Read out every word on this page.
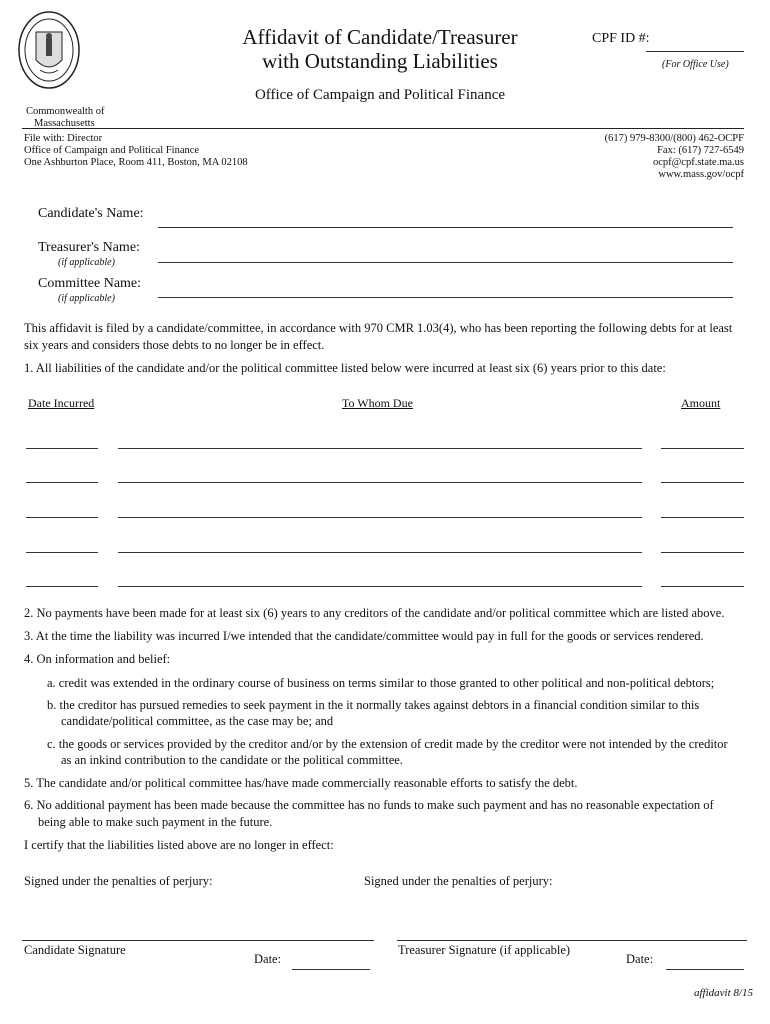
Commonwealth of
Massachusetts
Affidavit of Candidate/Treasurer
with Outstanding Liabilities
Office of Campaign and Political Finance
CPF ID #:
(For Office Use)
File with: Director
Office of Campaign and Political Finance
One Ashburton Place, Room 411, Boston, MA 02108
(617) 979-8300/(800) 462-OCPF
Fax: (617) 727-6549
ocpf@cpf.state.ma.us
www.mass.gov/ocpf
Candidate's Name:
Treasurer's Name:
(if applicable)
Committee Name:
(if applicable)
This affidavit is filed by a candidate/committee, in accordance with 970 CMR 1.03(4), who has been reporting the following debts for at least six years and considers those debts to no longer be in effect.
1. All liabilities of the candidate and/or the political committee listed below were incurred at least six (6) years prior to this date:
Date Incurred	To Whom Due	Amount
2. No payments have been made for at least six (6) years to any creditors of the candidate and/or political committee which are listed above.
3. At the time the liability was incurred I/we intended that the candidate/committee would pay in full for the goods or services rendered.
4. On information and belief:
a. credit was extended in the ordinary course of business on terms similar to those granted to other political and non-political debtors;
b. the creditor has pursued remedies to seek payment in the it normally takes against debtors in a financial condition similar to this
candidate/political committee, as the case may be; and
c. the goods or services provided by the creditor and/or by the extension of credit made by the creditor were not intended by the creditor
as an inkind contribution to the candidate or the political committee.
5. The candidate and/or political committee has/have made commercially reasonable efforts to satisfy the debt.
6. No additional payment has been made because the committee has no funds to make such payment and has no reasonable expectation of
being able to make such payment in the future.
I certify that the liabilities listed above are no longer in effect:
Signed under the penalties of perjury:	Signed under the penalties of perjury:
Candidate Signature	Treasurer Signature (if applicable)
Date:	Date:
affidavit 8/15
